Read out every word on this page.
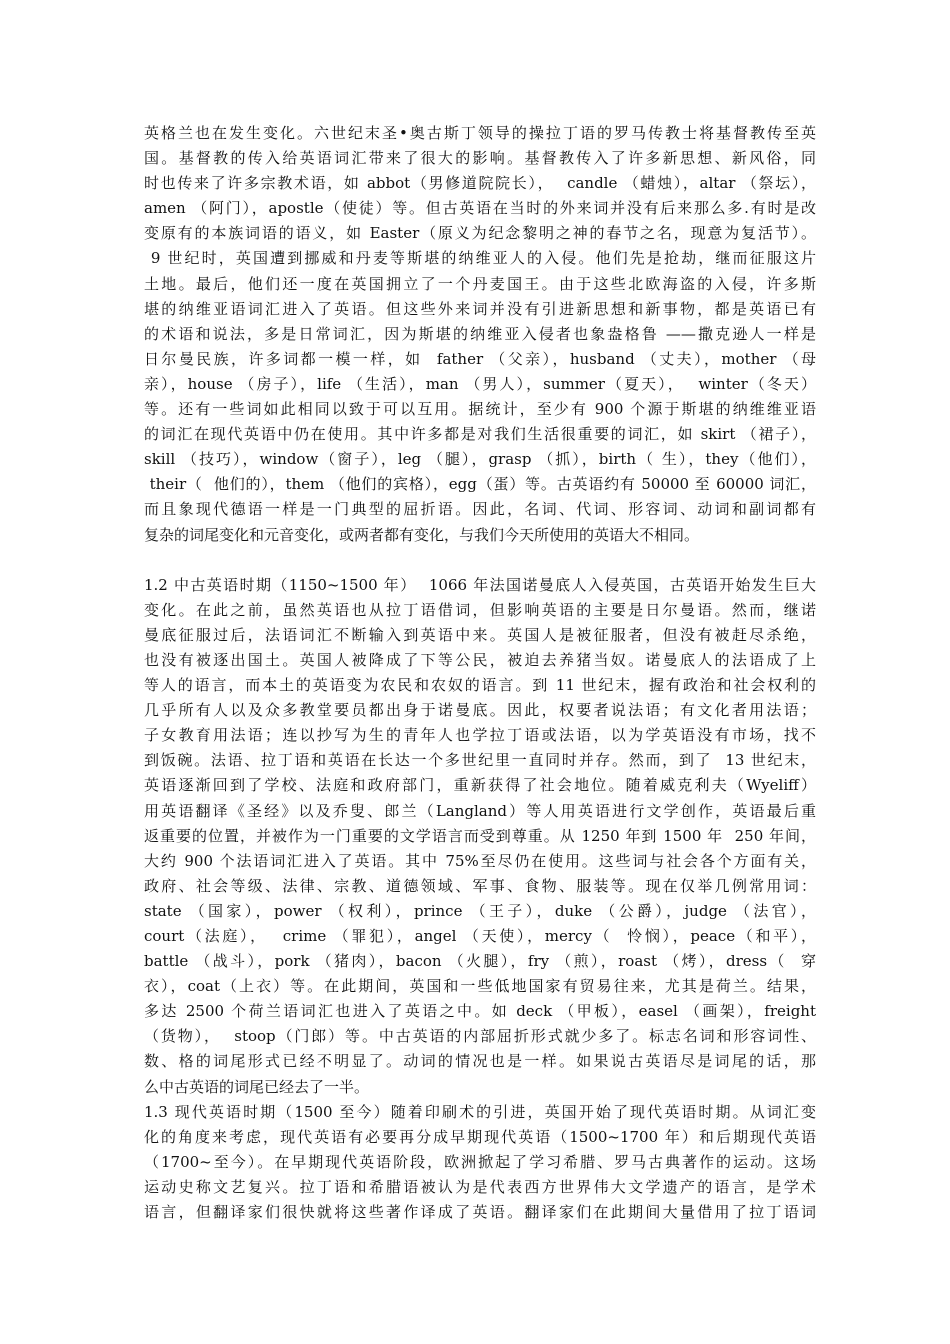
英格兰也在发生变化。六世纪末圣•奥古斯丁领导的操拉丁语的罗马传教士将基督教传至英
国。基督教的传入给英语词汇带来了很大的影响。基督教传入了许多新思想、新风俗，同
时也传来了许多宗教术语，如 abbot（男修道院院长），  candle （蜡烛），altar （祭坛），
amen （阿门），apostle（使徒）等。但古英语在当时的外来词并没有后来那么多.有时是改
变原有的本族词语的语义，如 Easter（原义为纪念黎明之神的春节之名，现意为复活节）。
9 世纪时，英国遭到挪威和丹麦等斯堪的纳维亚人的入侵。他们先是抢劫，继而征服这片
土地。最后，他们还一度在英国拥立了一个丹麦国王。由于这些北欧海盗的入侵，许多斯
堪的纳维亚语词汇进入了英语。但这些外来词并没有引进新思想和新事物，都是英语已有
的术语和说法，多是日常词汇，因为斯堪的纳维亚入侵者也象盎格鲁 ——撒克逊人一样是
日尔曼民族，许多词都一模一样，如  father （父亲），husband （丈夫），mother （母
亲），house （房子），life （生活），man （男人），summer（夏天），  winter（冬天）
等。还有一些词如此相同以致于可以互用。据统计，至少有 900 个源于斯堪的纳维维亚语
的词汇在现代英语中仍在使用。其中许多都是对我们生活很重要的词汇，如 skirt （裙子），
skill （技巧），window（窗子），leg （腿），grasp （抓），birth（ 生），they（他们），
their（  他们的），them （他们的宾格），egg（蛋）等。古英语约有 50000 至 60000 词汇，
而且象现代德语一样是一门典型的屈折语。因此，名词、代词、形容词、动词和副词都有
复杂的词尾变化和元音变化，或两者都有变化，与我们今天所使用的英语大不相同。
1.2 中古英语时期（1150~1500 年）  1066 年法国诺曼底人入侵英国，古英语开始发生巨大
变化。在此之前，虽然英语也从拉丁语借词，但影响英语的主要是日尔曼语。然而，继诺
曼底征服过后，法语词汇不断输入到英语中来。英国人是被征服者，但没有被赶尽杀绝，
也没有被逐出国土。英国人被降成了下等公民，被迫去养猪当奴。诺曼底人的法语成了上
等人的语言，而本土的英语变为农民和农奴的语言。到 11 世纪末，握有政治和社会权利的
几乎所有人以及众多教堂要员都出身于诺曼底。因此，权要者说法语；有文化者用法语；
子女教育用法语；连以抄写为生的青年人也学拉丁语或法语，以为学英语没有市场，找不
到饭碗。法语、拉丁语和英语在长达一个多世纪里一直同时并存。然而，到了  13 世纪末，
英语逐渐回到了学校、法庭和政府部门，重新获得了社会地位。随着威克利夫（Wyeliff）
用英语翻译《圣经》以及乔叟、郎兰（Langland）等人用英语进行文学创作，英语最后重
返重要的位置，并被作为一门重要的文学语言而受到尊重。从 1250 年到 1500 年  250 年间，
大约 900 个法语词汇进入了英语。其中 75%至尽仍在使用。这些词与社会各个方面有关，
政府、社会等级、法律、宗教、道德领域、军事、食物、服装等。现在仅举几例常用词：
state （国家），power （权利），prince （王子），duke （公爵），judge （法官），
court（法庭），  crime （罪犯），angel （天使），mercy（  怜悯），peace（和平），
battle （战斗），pork （猪肉），bacon （火腿），fry （煎），roast （烤），dress（  穿
衣），coat（上衣）等。在此期间，英国和一些低地国家有贸易往来，尤其是荷兰。结果，
多达 2500 个荷兰语词汇也进入了英语之中。如 deck （甲板），easel （画架），freight
（货物），  stoop（门郎）等。中古英语的内部屈折形式就少多了。标志名词和形容词性、
数、格的词尾形式已经不明显了。动词的情况也是一样。如果说古英语尽是词尾的话，那
么中古英语的词尾已经去了一半。
1.3 现代英语时期（1500 至今）随着印刷术的引进，英国开始了现代英语时期。从词汇变
化的角度来考虑，现代英语有必要再分成早期现代英语（1500~1700 年）和后期现代英语
（1700~至今）。在早期现代英语阶段，欧洲掀起了学习希腊、罗马古典著作的运动。这场
运动史称文艺复兴。拉丁语和希腊语被认为是代表西方世界伟大文学遗产的语言，是学术
语言，但翻译家们很快就将这些著作译成了英语。翻译家们在此期间大量借用了拉丁语词
